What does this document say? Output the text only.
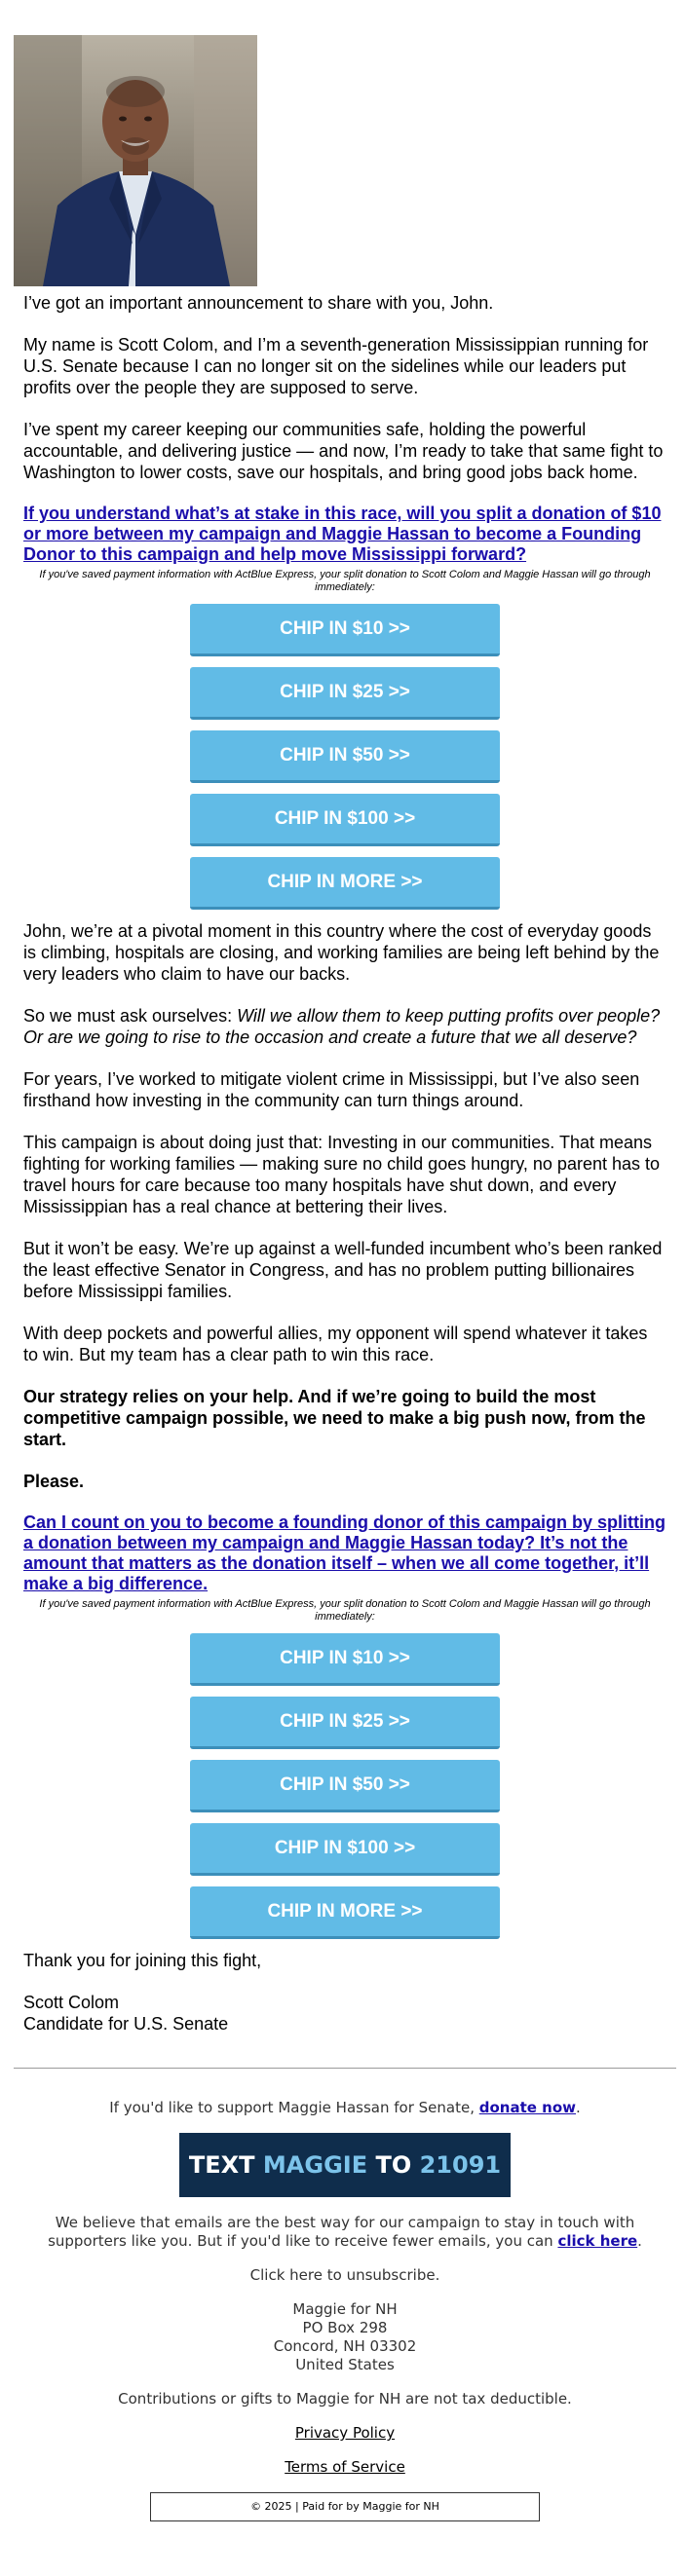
I’ve got an important announcement to share with you, John.

My name is Scott Colom, and I’m a seventh-generation Mississippian running for U.S. Senate because I can no longer sit on the sidelines while our leaders put profits over the people they are supposed to serve.

I’ve spent my career keeping our communities safe, holding the powerful accountable, and delivering justice — and now, I’m ready to take that same fight to Washington to lower costs, save our hospitals, and bring good jobs back home.

If you understand what’s at stake in this race, will you split a donation of $10 or more between my campaign and Maggie Hassan to become a Founding Donor to this campaign and help move Mississippi forward?

If you've saved payment information with ActBlue Express, your split donation to Scott Colom and Maggie Hassan will go through immediately:

CHIP IN $10 >>
CHIP IN $25 >>
CHIP IN $50 >>
CHIP IN $100 >>
CHIP IN MORE >>

John, we’re at a pivotal moment in this country where the cost of everyday goods is climbing, hospitals are closing, and working families are being left behind by the very leaders who claim to have our backs.

So we must ask ourselves: Will we allow them to keep putting profits over people? Or are we going to rise to the occasion and create a future that we all deserve?

For years, I’ve worked to mitigate violent crime in Mississippi, but I’ve also seen firsthand how investing in the community can turn things around.

This campaign is about doing just that: Investing in our communities. That means fighting for working families — making sure no child goes hungry, no parent has to travel hours for care because too many hospitals have shut down, and every Mississippian has a real chance at bettering their lives.

But it won’t be easy. We’re up against a well-funded incumbent who’s been ranked the least effective Senator in Congress, and has no problem putting billionaires before Mississippi families.

With deep pockets and powerful allies, my opponent will spend whatever it takes to win. But my team has a clear path to win this race.

Our strategy relies on your help. And if we’re going to build the most competitive campaign possible, we need to make a big push now, from the start.

Please.

Can I count on you to become a founding donor of this campaign by splitting a donation between my campaign and Maggie Hassan today? It’s not the amount that matters as the donation itself – when we all come together, it’ll make a big difference.

If you've saved payment information with ActBlue Express, your split donation to Scott Colom and Maggie Hassan will go through immediately:

CHIP IN $10 >>
CHIP IN $25 >>
CHIP IN $50 >>
CHIP IN $100 >>
CHIP IN MORE >>

Thank you for joining this fight,

Scott Colom
Candidate for U.S. Senate

If you'd like to support Maggie Hassan for Senate, donate now.

TEXT MAGGIE TO 21091

We believe that emails are the best way for our campaign to stay in touch with supporters like you. But if you'd like to receive fewer emails, you can click here.

Click here to unsubscribe.

Maggie for NH
PO Box 298
Concord, NH 03302
United States

Contributions or gifts to Maggie for NH are not tax deductible.

Privacy Policy

Terms of Service

© 2025 | Paid for by Maggie for NH
